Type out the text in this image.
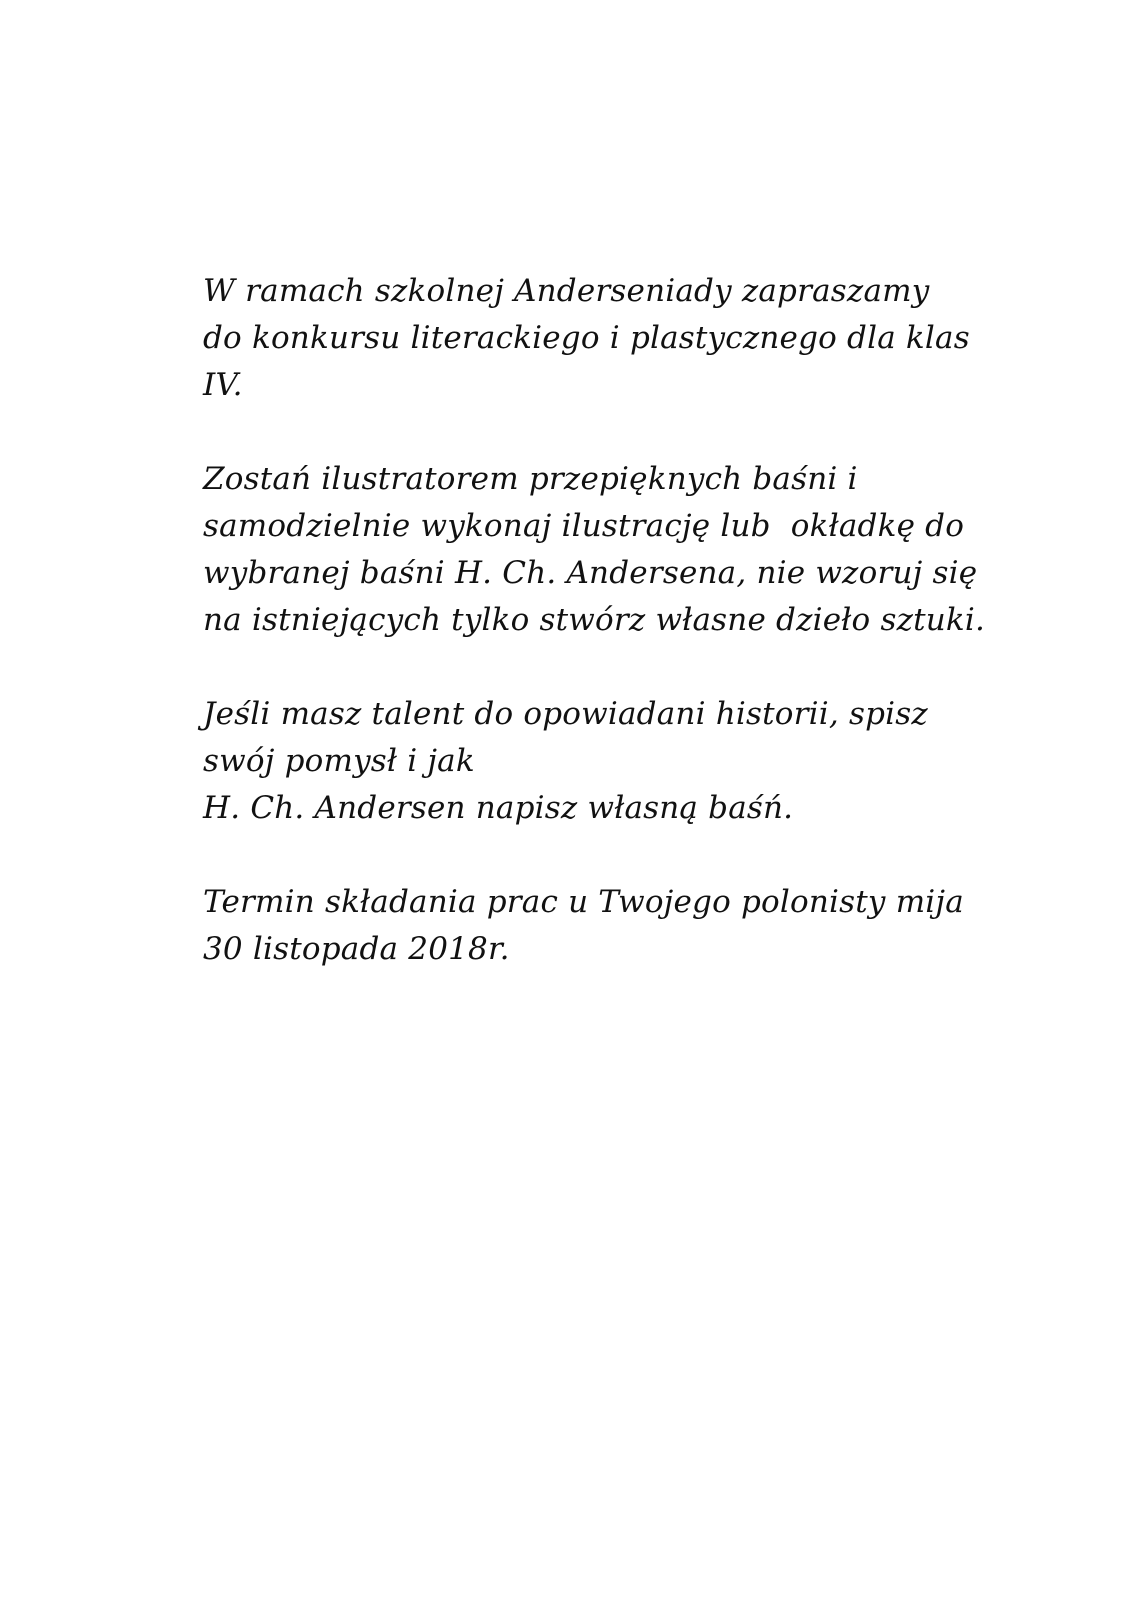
W ramach szkolnej Anderseniady zapraszamy
do konkursu literackiego i plastycznego dla klas
IV.

Zostań ilustratorem przepięknych baśni i
samodzielnie wykonaj ilustrację lub  okładkę do
wybranej baśni H. Ch. Andersena, nie wzoruj się
na istniejących tylko stwórz własne dzieło sztuki.

Jeśli masz talent do opowiadani historii, spisz
swój pomysł i jak
H. Ch. Andersen napisz własną baśń.

Termin składania prac u Twojego polonisty mija
30 listopada 2018r.
